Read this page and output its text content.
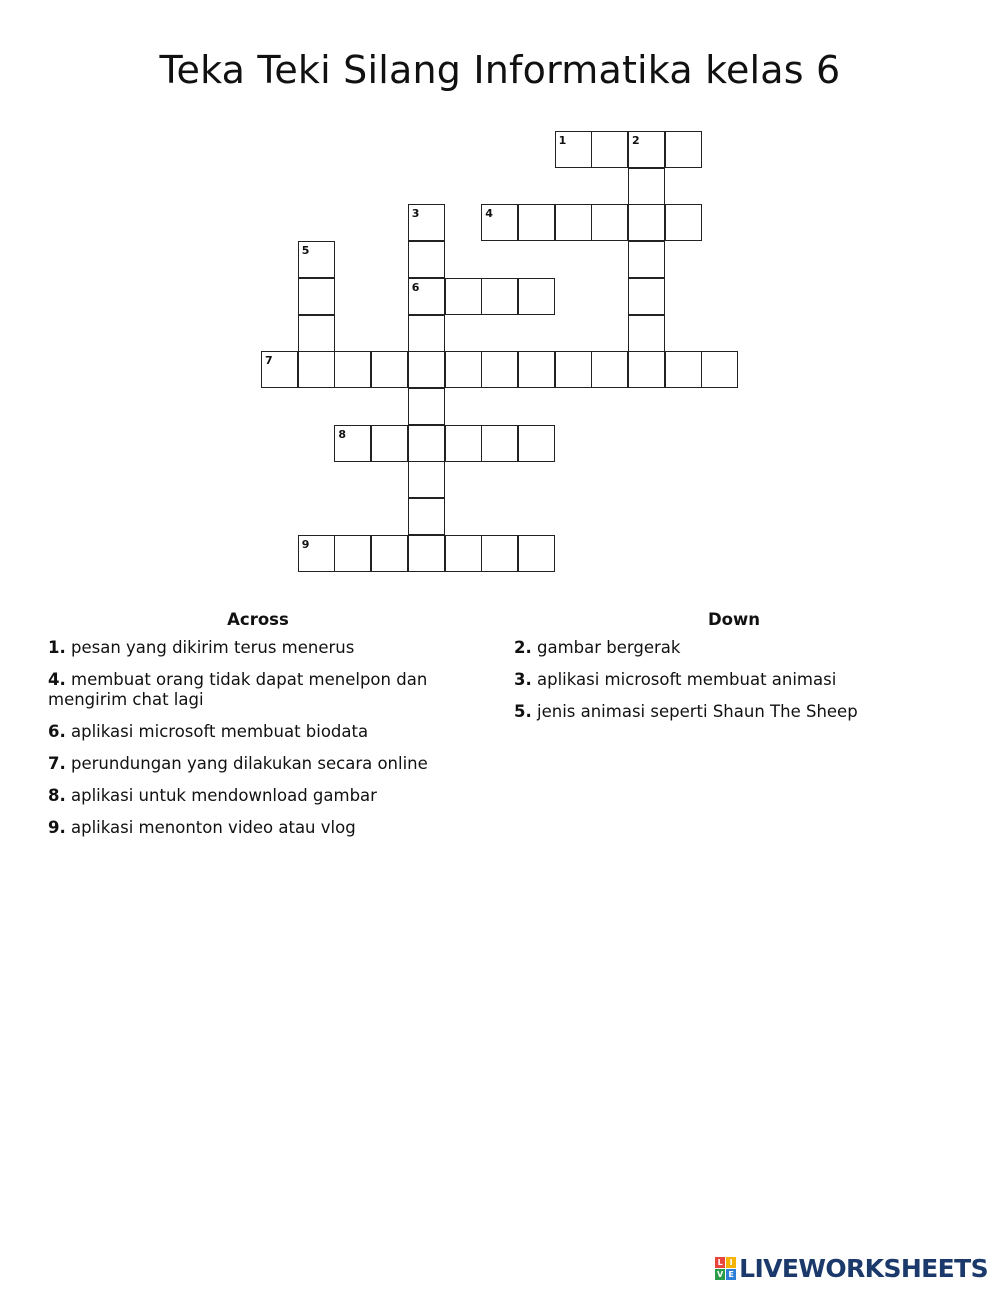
Teka Teki Silang Informatika kelas 6
1	2
3
6
4
5
7
8
9
Across
1. pesan yang dikirim terus menerus
4. membuat orang tidak dapat menelpon dan mengirim chat lagi
6. aplikasi microsoft membuat biodata
7. perundungan yang dilakukan secara online
8. aplikasi untuk mendownload gambar
9. aplikasi menonton video atau vlog
Down
2. gambar bergerak
3. aplikasi microsoft membuat animasi
5. jenis animasi seperti Shaun The Sheep
L I
V E LIVEWORKSHEETS
